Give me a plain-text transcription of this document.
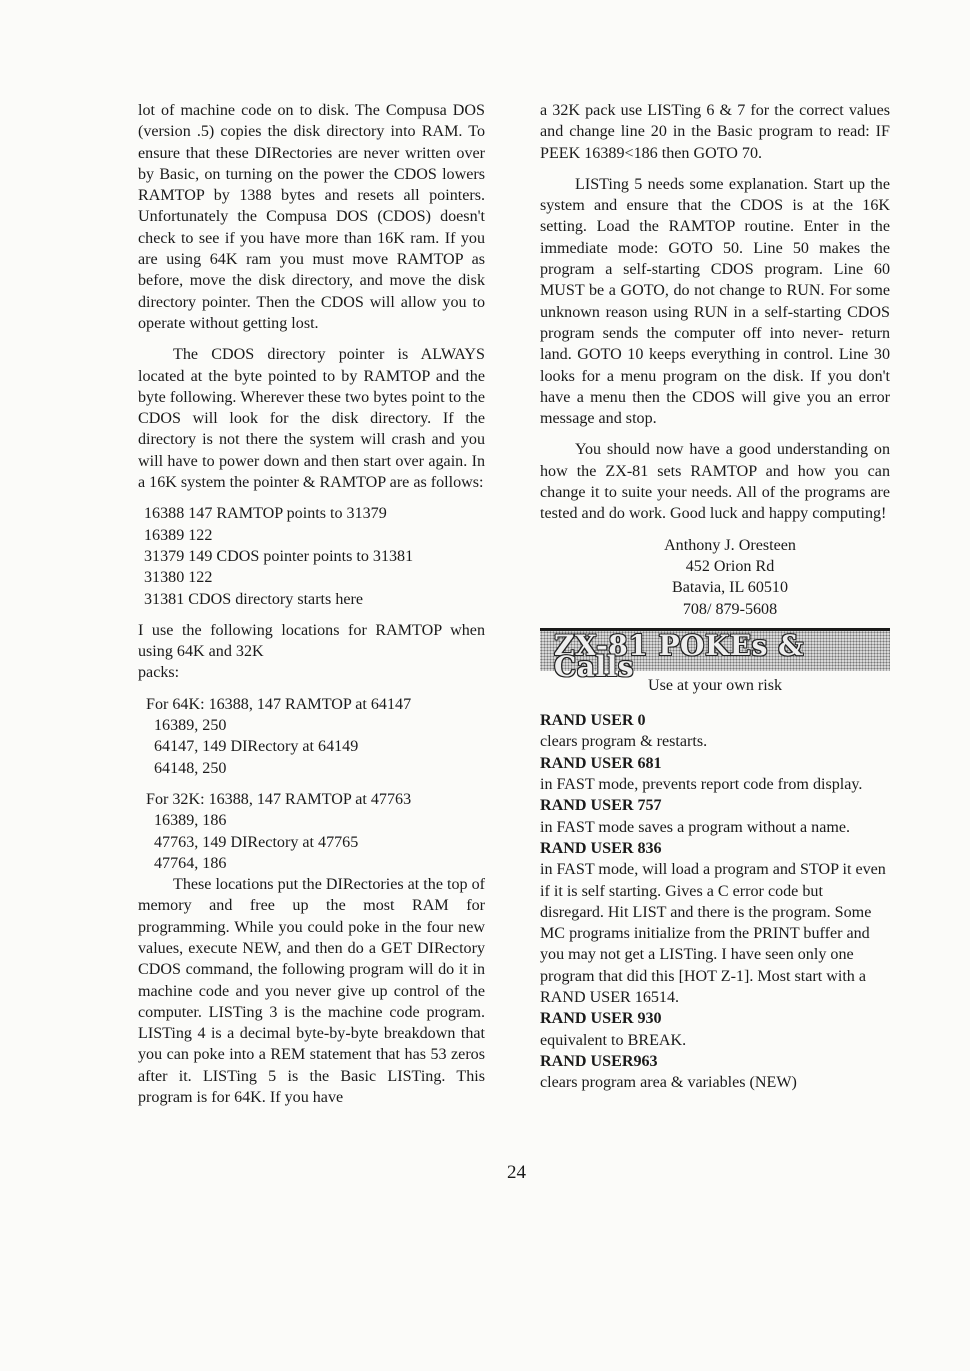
lot of machine code on to disk. The Compusa DOS (version .5) copies the disk directory into RAM. To ensure that these DIRectories are never written over by Basic, on turning on the power the CDOS lowers RAMTOP by 1388 bytes and resets all pointers. Unfortunately the Compusa DOS (CDOS) doesn't check to see if you have more than 16K ram. If you are using 64K ram you must move RAMTOP as before, move the disk directory, and move the disk directory pointer. Then the CDOS will allow you to operate without getting lost.

The CDOS directory pointer is ALWAYS located at the byte pointed to by RAMTOP and the byte following. Wherever these two bytes point to the CDOS will look for the disk directory. If the directory is not there the system will crash and you will have to power down and then start over again. In a 16K system the pointer & RAMTOP are as follows:

16388 147 RAMTOP points to 31379
16389 122
31379 149 CDOS pointer points to 31381
31380 122
31381 CDOS directory starts here

I use the following locations for RAMTOP when using 64K and 32K

packs:

For 64K: 16388, 147 RAMTOP at 64147
16389, 250
64147, 149 DIRectory at 64149
64148, 250
For 32K: 16388, 147 RAMTOP at 47763
16389, 186
47763, 149 DIRectory at 47765
47764, 186

These locations put the DIRectories at the top of memory and free up the most RAM for programming. While you could poke in the four new values, execute NEW, and then do a GET DIRectory CDOS command, the following program will do it in machine code and you never give up control of the computer. LISTing 3 is the machine code program. LISTing 4 is a decimal byte-by-byte breakdown that you can poke into a REM statement that has 53 zeros after it. LISTing 5 is the Basic LISTing. This program is for 64K. If you have

a 32K pack use LISTing 6 & 7 for the correct values and change line 20 in the Basic program to read: IF PEEK 16389<186 then GOTO 70.

LISTing 5 needs some explanation. Start up the system and ensure that the CDOS is at the 16K setting. Load the RAMTOP routine. Enter in the immediate mode: GOTO 50. Line 50 makes the program a self-starting CDOS program. Line 60 MUST be a GOTO, do not change to RUN. For some unknown reason using RUN in a self-starting CDOS program sends the computer off into never- return land. GOTO 10 keeps everything in control. Line 30 looks for a menu program on the disk. If you don't have a menu then the CDOS will give you an error message and stop.

You should now have a good understanding on how the ZX-81 sets RAMTOP and how you can change it to suite your needs. All of the programs are tested and do work. Good luck and happy computing!

Anthony J. Oresteen
452 Orion Rd
Batavia, IL 60510
708/ 879-5608
ZX-81 POKEs & Calls
Use at your own risk
RAND USER 0
clears program & restarts.
RAND USER 681
in FAST mode, prevents report code from display.
RAND USER 757
in FAST mode saves a program without a name.
RAND USER 836
in FAST mode, will load a program and STOP it even if it is self starting. Gives a C error code but disregard. Hit LIST and there is the program. Some MC programs initialize from the PRINT buffer and you may not get a LISTing. I have seen only one program that did this [HOT Z-1]. Most start with a RAND USER 16514.
RAND USER 930
equivalent to BREAK.
RAND USER963
clears program area & variables (NEW)
24
